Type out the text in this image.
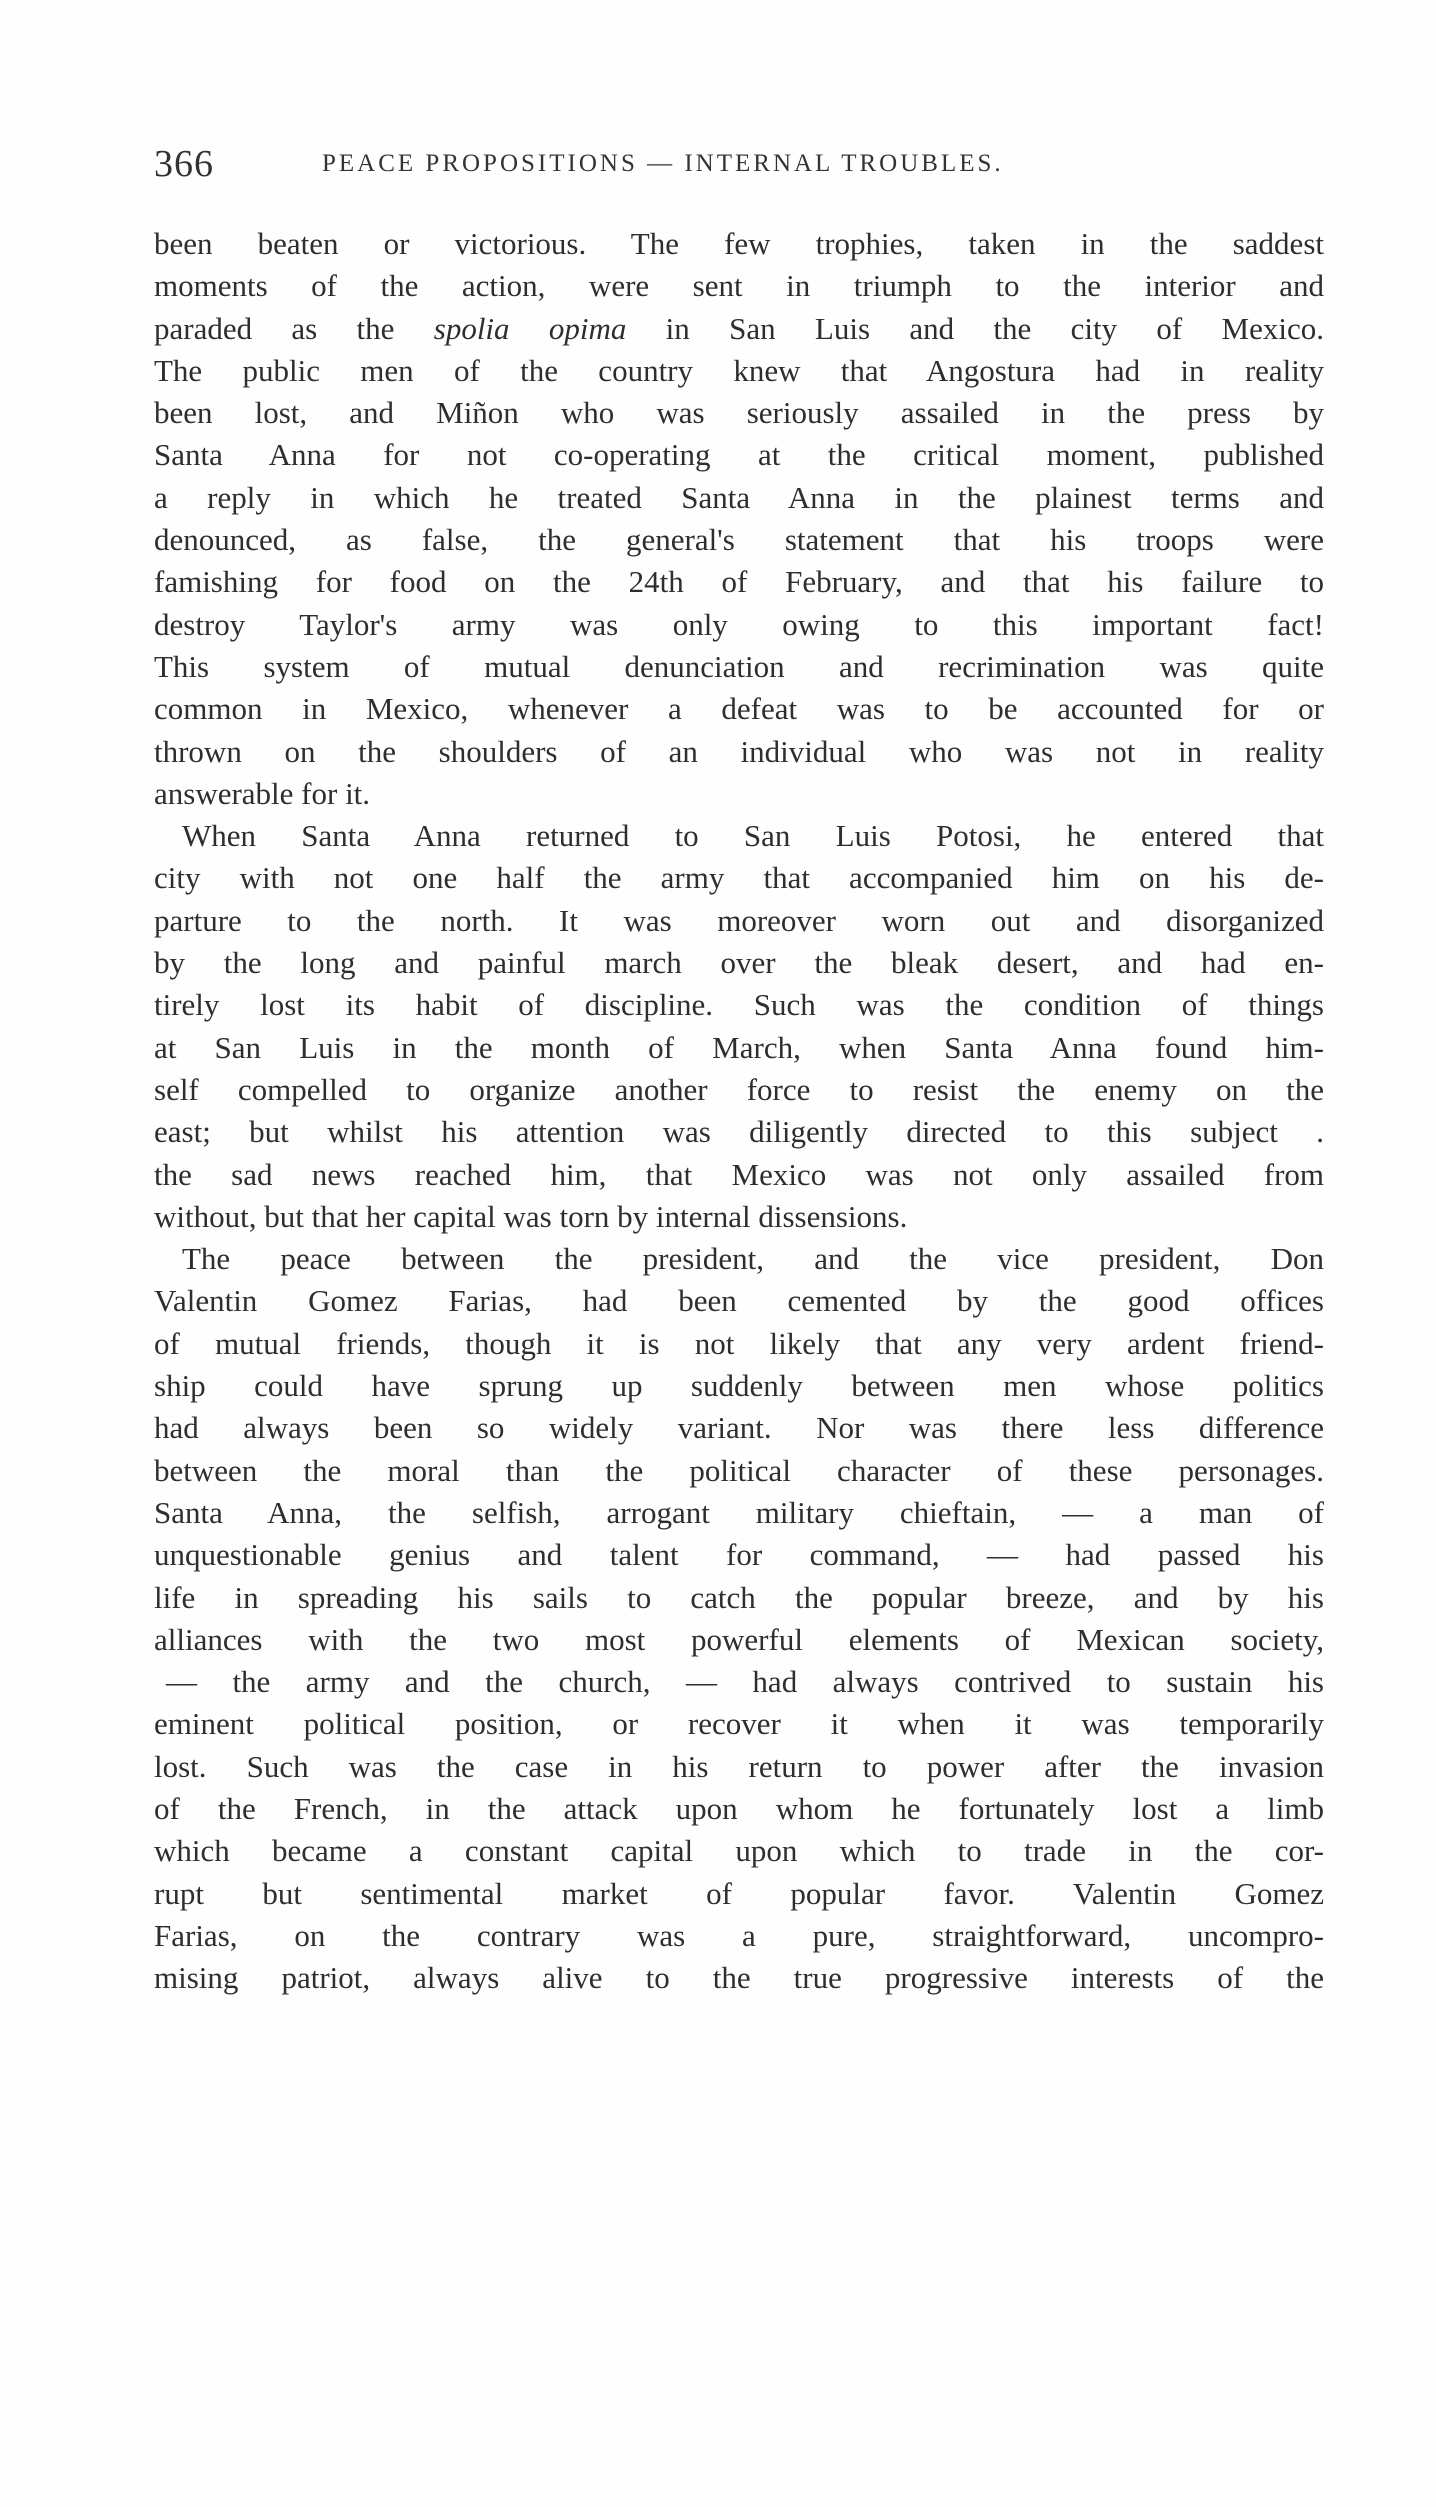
366	PEACE PROPOSITIONS — INTERNAL TROUBLES.
been beaten or victorious. The few trophies, taken in the saddest
moments of the action, were sent in triumph to the interior and
paraded as the spolia opima in San Luis and the city of Mexico.
The public men of the country knew that Angostura had in reality
been lost, and Miñon who was seriously assailed in the press by
Santa Anna for not co-operating at the critical moment, published
a reply in which he treated Santa Anna in the plainest terms and
denounced, as false, the general's statement that his troops were
famishing for food on the 24th of February, and that his failure to
destroy Taylor's army was only owing to this important fact!
This system of mutual denunciation and recrimination was quite
common in Mexico, whenever a defeat was to be accounted for or
thrown on the shoulders of an individual who was not in reality
answerable for it.
When Santa Anna returned to San Luis Potosi, he entered that
city with not one half the army that accompanied him on his de-
parture to the north. It was moreover worn out and disorganized
by the long and painful march over the bleak desert, and had en-
tirely lost its habit of discipline. Such was the condition of things
at San Luis in the month of March, when Santa Anna found him-
self compelled to organize another force to resist the enemy on the
east; but whilst his attention was diligently directed to this subject .
the sad news reached him, that Mexico was not only assailed from
without, but that her capital was torn by internal dissensions.
The peace between the president, and the vice president, Don
Valentin Gomez Farias, had been cemented by the good offices
of mutual friends, though it is not likely that any very ardent friend-
ship could have sprung up suddenly between men whose politics
had always been so widely variant. Nor was there less difference
between the moral than the political character of these personages.
Santa Anna, the selfish, arrogant military chieftain, — a man of
unquestionable genius and talent for command, — had passed his
life in spreading his sails to catch the popular breeze, and by his
alliances with the two most powerful elements of Mexican society,
— the army and the church, — had always contrived to sustain his
eminent political position, or recover it when it was temporarily
lost. Such was the case in his return to power after the invasion
of the French, in the attack upon whom he fortunately lost a limb
which became a constant capital upon which to trade in the cor-
rupt but sentimental market of popular favor. Valentin Gomez
Farias, on the contrary was a pure, straightforward, uncompro-
mising patriot, always alive to the true progressive interests of the
